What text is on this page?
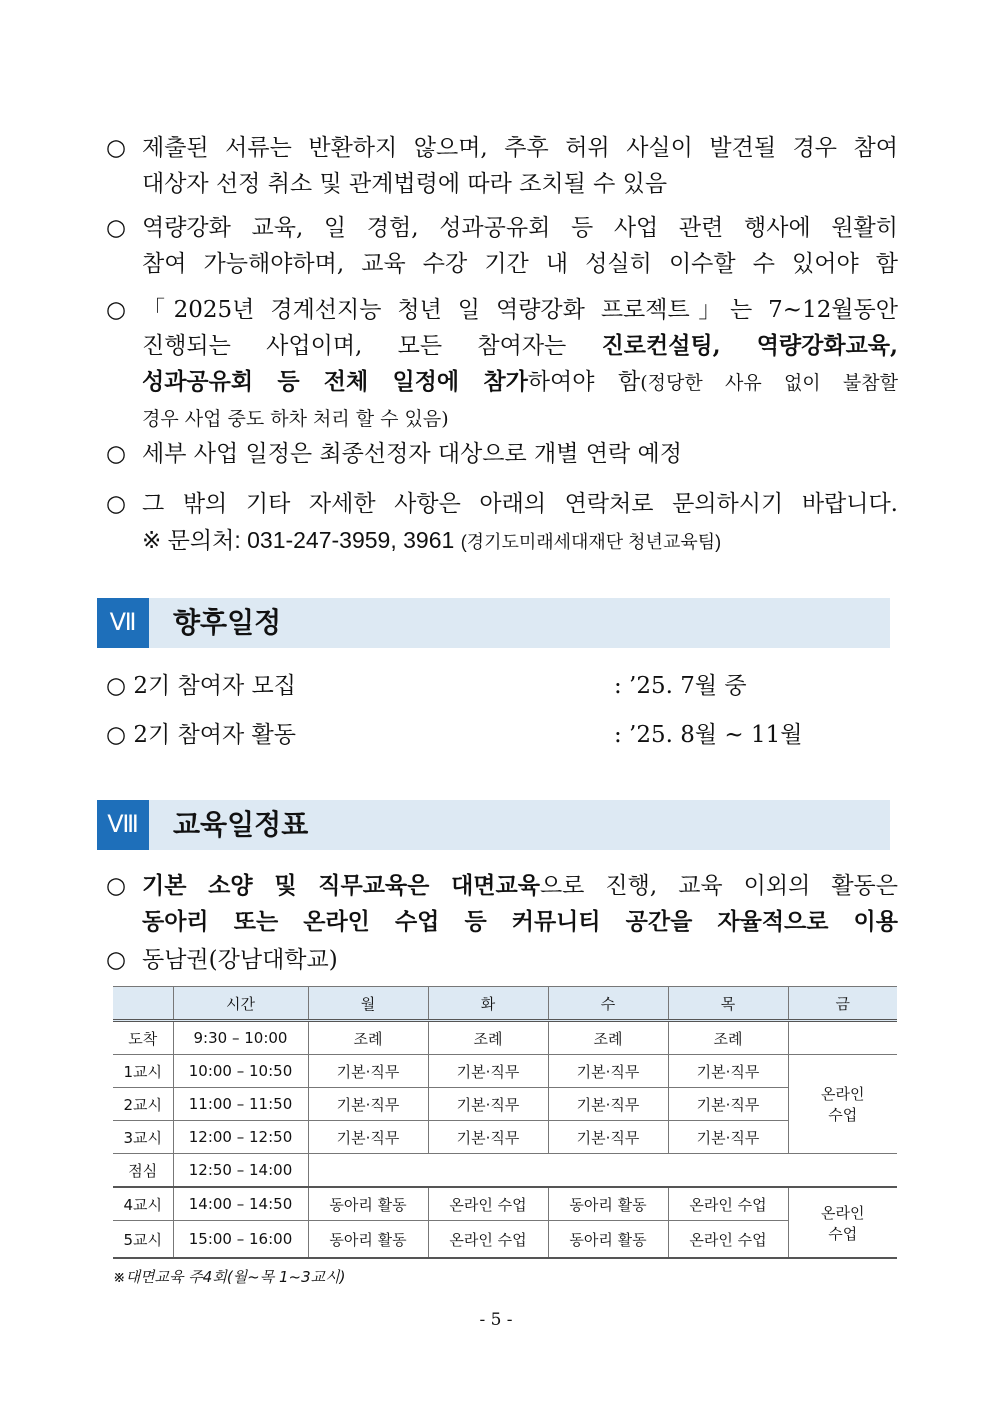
○ 제출된 서류는 반환하지 않으며, 추후 허위 사실이 발견될 경우 참여
대상자 선정 취소 및 관계법령에 따라 조치될 수 있음
○ 역량강화 교육, 일 경험, 성과공유회 등 사업 관련 행사에 원활히
참여 가능해야하며, 교육 수강 기간 내 성실히 이수할 수 있어야 함
○ 「2025년 경계선지능 청년 일 역량강화 프로젝트」는 7~12월동안
진행되는 사업이며, 모든 참여자는 진로컨설팅, 역량강화교육,
성과공유회 등 전체 일정에 참가하여야 함(정당한 사유 없이 불참할
경우 사업 중도 하차 처리 할 수 있음)
○ 세부 사업 일정은 최종선정자 대상으로 개별 연락 예정
○ 그 밖의 기타 자세한 사항은 아래의 연락처로 문의하시기 바랍니다.
※ 문의처: 031-247-3959, 3961 (경기도미래세대재단 청년교육팀)
Ⅶ	향후일정
○ 2기 참여자 모집	: ’25. 7월 중
○ 2기 참여자 활동	: ’25. 8월 ~ 11월
Ⅷ	교육일정표
○ 기본 소양 및 직무교육은 대면교육으로 진행, 교육 이외의 활동은
동아리 또는 온라인 수업 등 커뮤니티 공간을 자율적으로 이용
○ 동남권(강남대학교)
	시간	월	화	수	목	금
도착	9:30 – 10:00	조례	조례	조례	조례	
1교시	10:00 – 10:50	기본·직무	기본·직무	기본·직무	기본·직무	온라인
수업
2교시	11:00 – 11:50	기본·직무	기본·직무	기본·직무	기본·직무	
3교시	12:00 – 12:50	기본·직무	기본·직무	기본·직무	기본·직무	
점심	12:50 – 14:00					
4교시	14:00 – 14:50	동아리 활동	온라인 수업	동아리 활동	온라인 수업	온라인
수업
5교시	15:00 – 16:00	동아리 활동	온라인 수업	동아리 활동	온라인 수업	
※대면교육 주4회(월~목 1~3교시)
- 5 -
